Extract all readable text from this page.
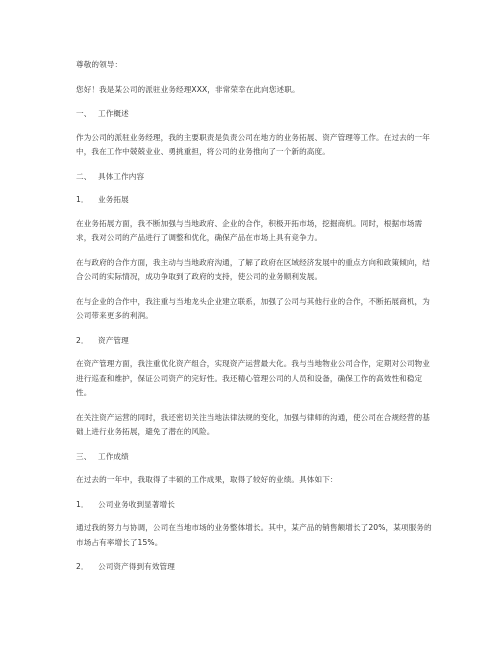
尊敬的领导：

您好！我是某公司的派驻业务经理XXX，非常荣幸在此向您述职。

一、 工作概述

作为公司的派驻业务经理，我的主要职责是负责公司在地方的业务拓展、资产管理等工作。在过去的一年中，我在工作中兢兢业业、勇挑重担，将公司的业务推向了一个新的高度。

二、 具体工作内容

1． 业务拓展

在业务拓展方面，我不断加强与当地政府、企业的合作，积极开拓市场，挖掘商机。同时，根据市场需求，我对公司的产品进行了调整和优化，确保产品在市场上具有竞争力。

在与政府的合作方面，我主动与当地政府沟通，了解了政府在区域经济发展中的重点方向和政策倾向，结合公司的实际情况，成功争取到了政府的支持，使公司的业务顺利发展。

在与企业的合作中，我注重与当地龙头企业建立联系，加强了公司与其他行业的合作，不断拓展商机，为公司带来更多的利润。

2． 资产管理

在资产管理方面，我注重优化资产组合，实现资产运营最大化。我与当地物业公司合作，定期对公司物业进行巡查和维护，保证公司资产的完好性。我还精心管理公司的人员和设备，确保工作的高效性和稳定性。

在关注资产运营的同时，我还密切关注当地法律法规的变化，加强与律师的沟通，使公司在合规经营的基础上进行业务拓展，避免了潜在的风险。

三、 工作成绩

在过去的一年中，我取得了丰硕的工作成果，取得了较好的业绩。具体如下：

1． 公司业务收到显著增长

通过我的努力与协调，公司在当地市场的业务整体增长。其中，某产品的销售额增长了20%，某项服务的市场占有率增长了15%。

2． 公司资产得到有效管理
